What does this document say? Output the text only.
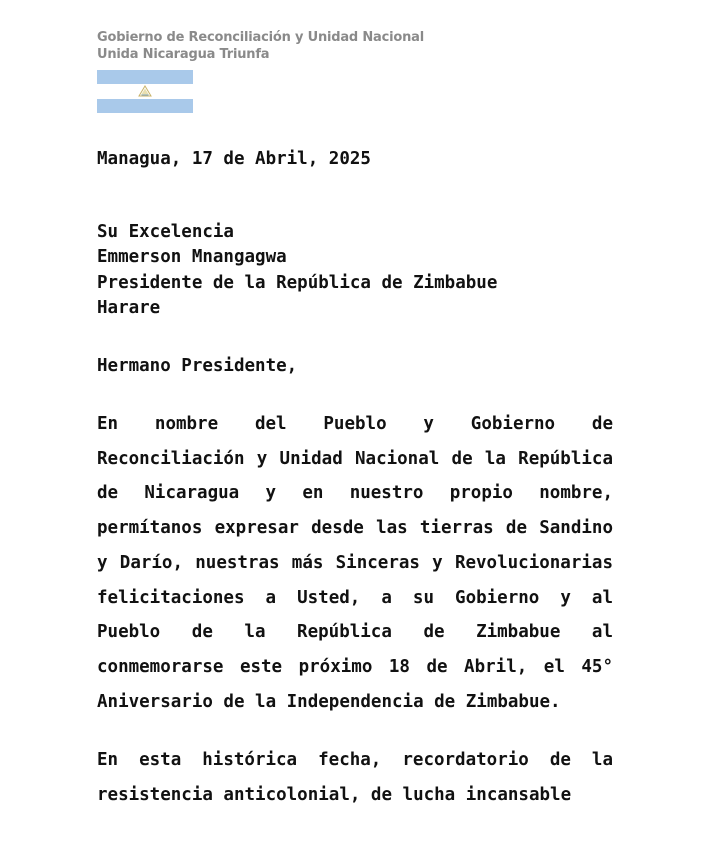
Gobierno de Reconciliación y Unidad Nacional
Unida Nicaragua Triunfa
Managua, 17 de Abril, 2025
Su Excelencia
Emmerson Mnangagwa
Presidente de la República de Zimbabue
Harare
Hermano Presidente,
En nombre del Pueblo y Gobierno de Reconciliación y Unidad Nacional de la República de Nicaragua y en nuestro propio nombre, permítanos expresar desde las tierras de Sandino y Darío, nuestras más Sinceras y Revolucionarias felicitaciones a Usted, a su Gobierno y al Pueblo de la República de Zimbabue al conmemorarse este próximo 18 de Abril, el 45° Aniversario de la Independencia de Zimbabue.
En esta histórica fecha, recordatorio de la resistencia anticolonial, de lucha incansable
